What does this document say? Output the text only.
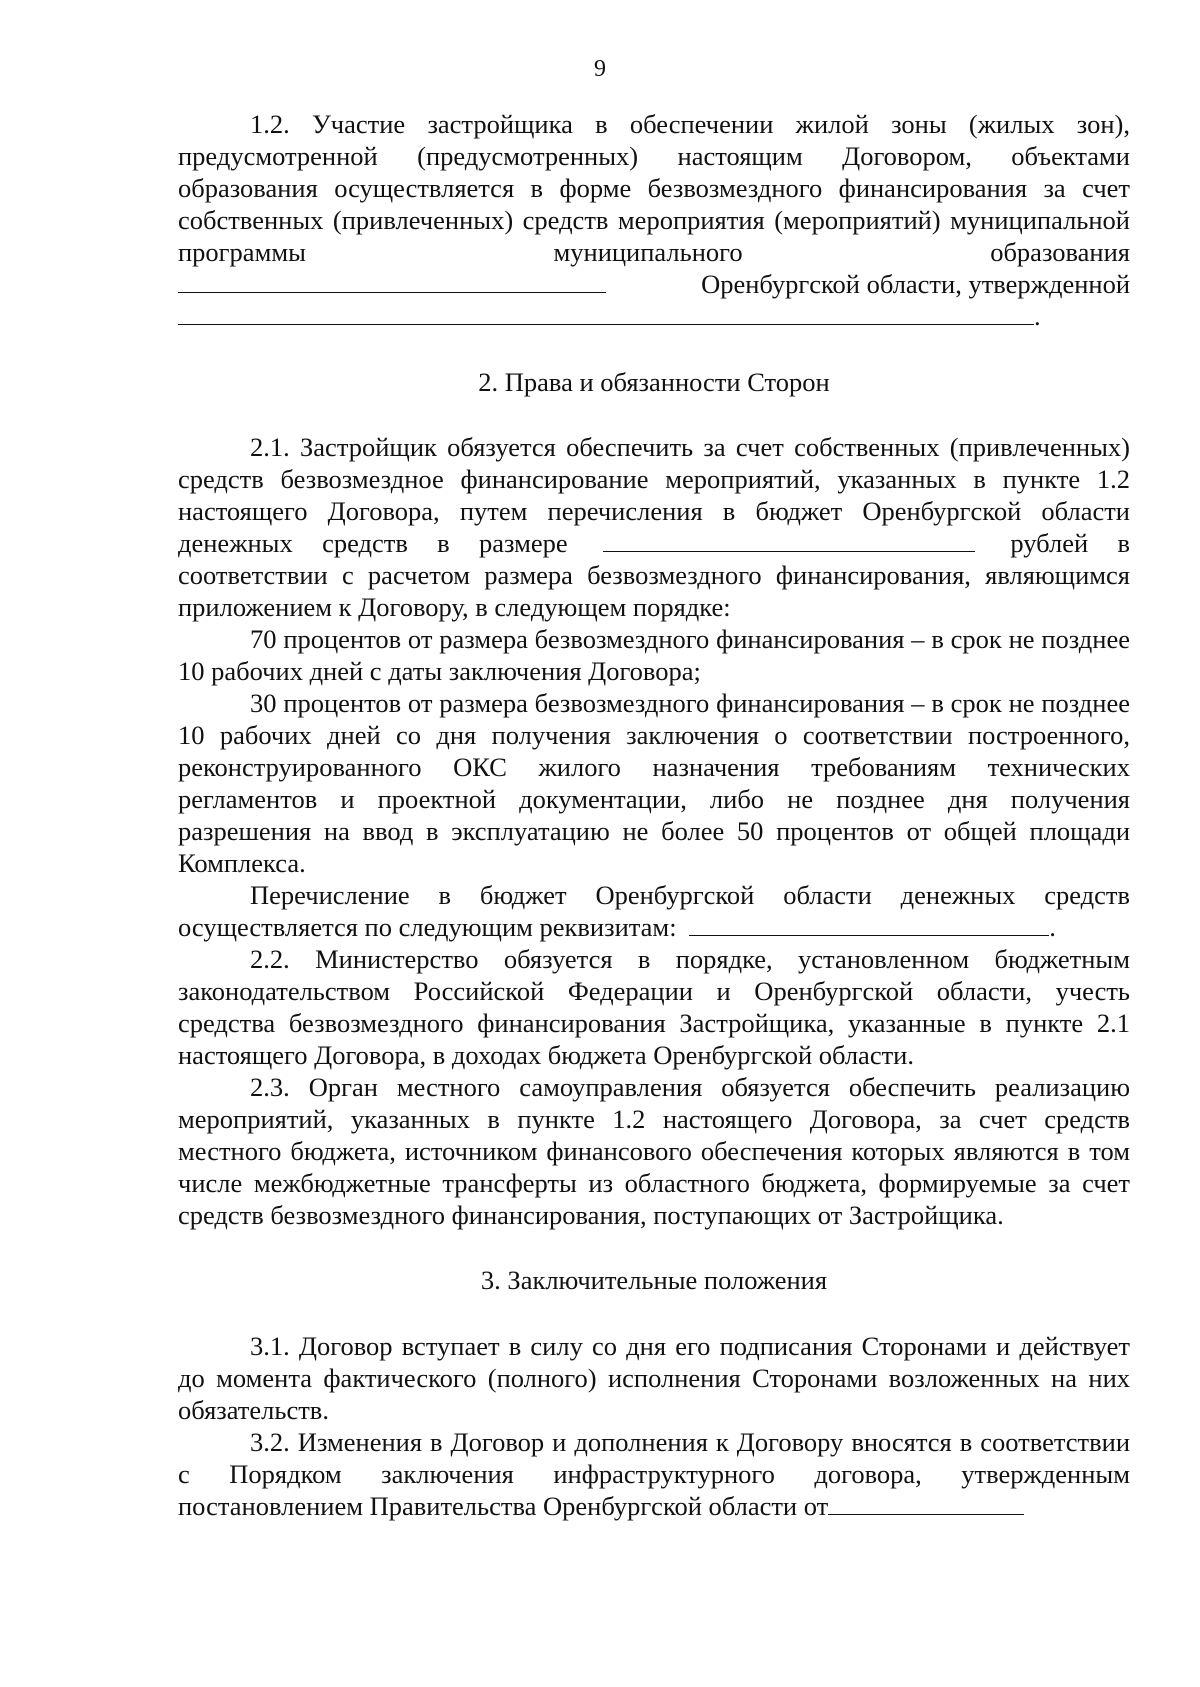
9

1.2. Участие застройщика в обеспечении жилой зоны (жилых зон), предусмотренной (предусмотренных) настоящим Договором, объектами образования осуществляется в форме безвозмездного финансирования за счет собственных (привлеченных) средств мероприятия (мероприятий) муниципальной программы муниципального образования

Оренбургской области, утвержденной
.

2. Права и обязанности Сторон

2.1. Застройщик обязуется обеспечить за счет собственных (привлеченных) средств безвозмездное финансирование мероприятий, указанных в пункте 1.2 настоящего Договора, путем перечисления в бюджет Оренбургской области денежных средств в размере	рублей в соответствии с расчетом размера безвозмездного финансирования, являющимся приложением к Договору, в следующем порядке:

70 процентов от размера безвозмездного финансирования – в срок не позднее 10 рабочих дней с даты заключения Договора;

30 процентов от размера безвозмездного финансирования – в срок не позднее 10 рабочих дней со дня получения заключения о соответствии построенного, реконструированного ОКС жилого назначения требованиям технических регламентов и проектной документации, либо не позднее дня получения разрешения на ввод в эксплуатацию не более 50 процентов от общей площади Комплекса.

Перечисление в бюджет Оренбургской области денежных средств осуществляется по следующим реквизитам:	.

2.2. Министерство обязуется в порядке, установленном бюджетным законодательством Российской Федерации и Оренбургской области, учесть средства безвозмездного финансирования Застройщика, указанные в пункте 2.1 настоящего Договора, в доходах бюджета Оренбургской области.

2.3. Орган местного самоуправления обязуется обеспечить реализацию мероприятий, указанных в пункте 1.2 настоящего Договора, за счет средств местного бюджета, источником финансового обеспечения которых являются в том числе межбюджетные трансферты из областного бюджета, формируемые за счет средств безвозмездного финансирования, поступающих от Застройщика.

3. Заключительные положения

3.1. Договор вступает в силу со дня его подписания Сторонами и действует до момента фактического (полного) исполнения Сторонами возложенных на них обязательств.

3.2. Изменения в Договор и дополнения к Договору вносятся в соответствии с Порядком заключения инфраструктурного договора, утвержденным постановлением Правительства Оренбургской области от
